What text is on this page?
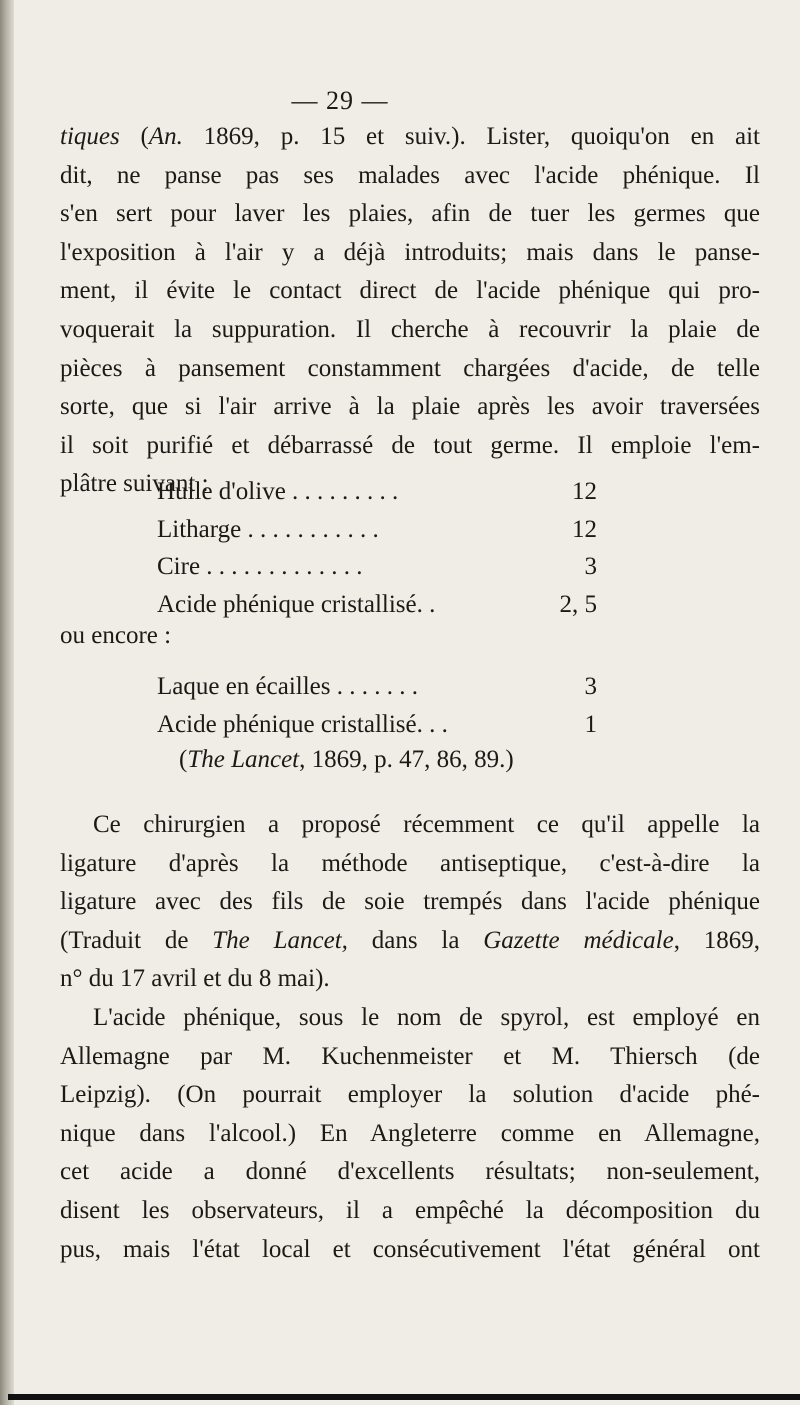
— 29 —
tiques (An. 1869, p. 15 et suiv.). Lister, quoiqu'on en ait
dit, ne panse pas ses malades avec l'acide phénique. Il
s'en sert pour laver les plaies, afin de tuer les germes que
l'exposition à l'air y a déjà introduits; mais dans le panse-
ment, il évite le contact direct de l'acide phénique qui pro-
voquerait la suppuration. Il cherche à recouvrir la plaie de
pièces à pansement constamment chargées d'acide, de telle
sorte, que si l'air arrive à la plaie après les avoir traversées
il soit purifié et débarrassé de tout germe. Il emploie l'em-
plâtre suivant :
Huile d'olive . . . . . . . . .	12
Litharge . . . . . . . . . . .	12
Cire . . . . . . . . . . . . .	3
Acide phénique cristallisé. .	2, 5
ou encore :
Laque en écailles . . . . . . .	3
Acide phénique cristallisé. . .	1
(The Lancet, 1869, p. 47, 86, 89.)
Ce chirurgien a proposé récemment ce qu'il appelle la
ligature d'après la méthode antiseptique, c'est-à-dire la
ligature avec des fils de soie trempés dans l'acide phénique
(Traduit de The Lancet, dans la Gazette médicale, 1869,
n° du 17 avril et du 8 mai).
L'acide phénique, sous le nom de spyrol, est employé en
Allemagne par M. Kuchenmeister et M. Thiersch (de
Leipzig). (On pourrait employer la solution d'acide phé-
nique dans l'alcool.) En Angleterre comme en Allemagne,
cet acide a donné d'excellents résultats; non-seulement,
disent les observateurs, il a empêché la décomposition du
pus, mais l'état local et consécutivement l'état général ont
